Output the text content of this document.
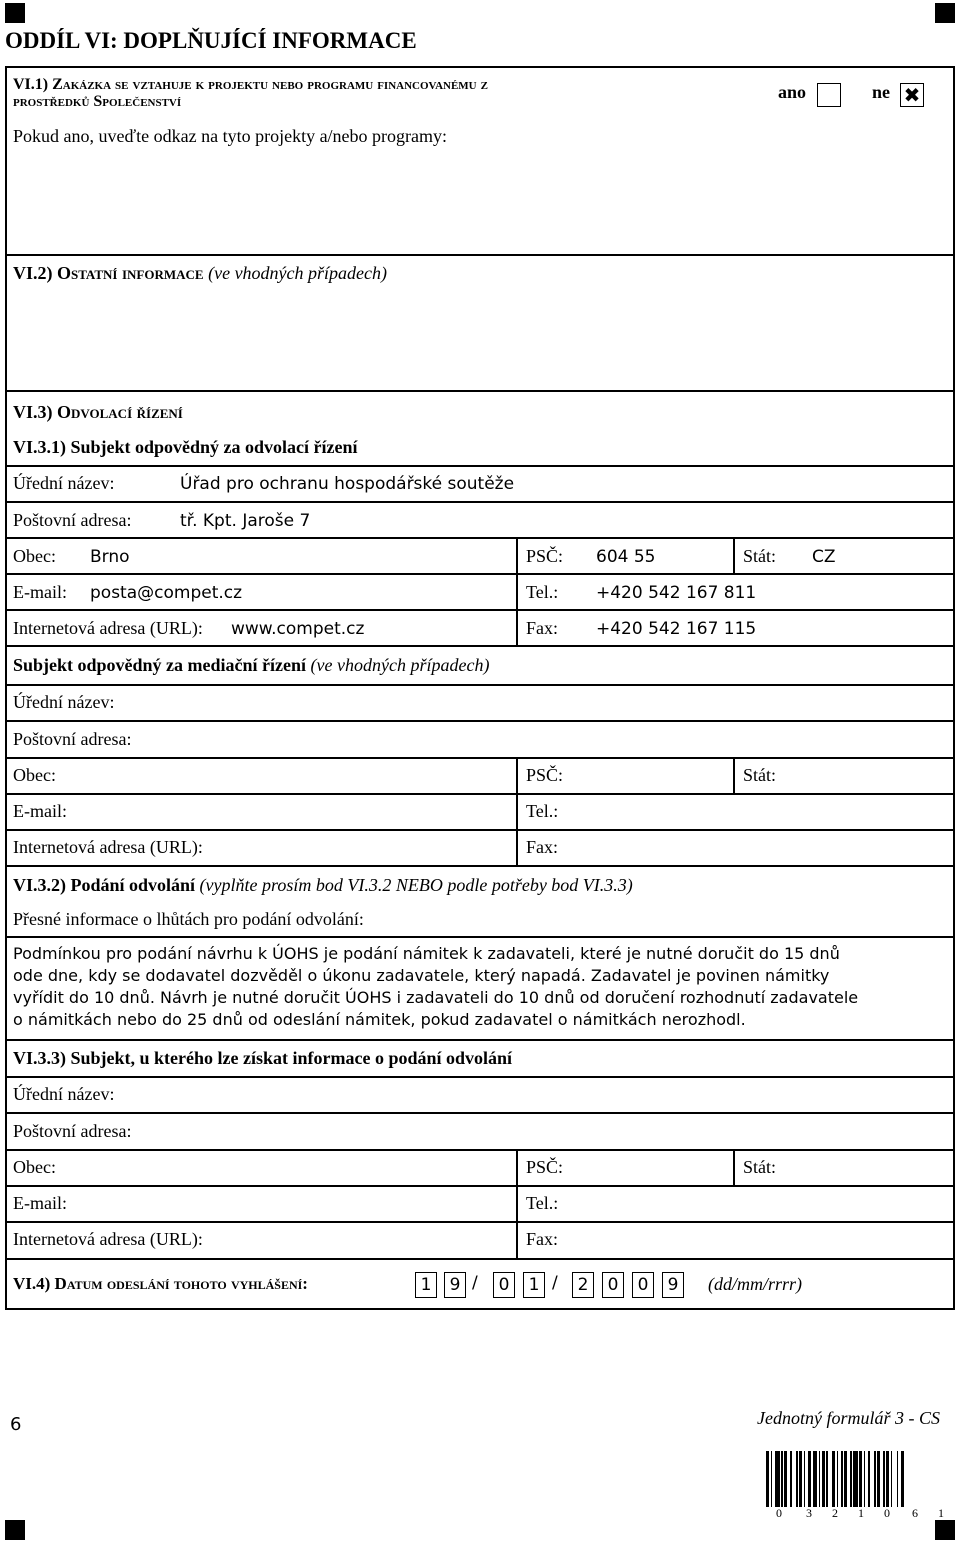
ODDÍL VI: DOPLŇUJÍCÍ INFORMACE
VI.1) Zakázka se vztahuje k projektu nebo programu financovanému z
prostředků Společenství	ano	ne ✖
Pokud ano, uveďte odkaz na tyto projekty a/nebo programy:
VI.2) Ostatní informace (ve vhodných případech)
VI.3) Odvolací řízení
VI.3.1) Subjekt odpovědný za odvolací řízení
Úřední název:	Úřad pro ochranu hospodářské soutěže
Poštovní adresa:	tř. Kpt. Jaroše 7
Obec: Brno	PSČ: 604 55	Stát: CZ
E-mail: posta@compet.cz	Tel.: +420 542 167 811
Internetová adresa (URL): www.compet.cz	Fax: +420 542 167 115
Subjekt odpovědný za mediační řízení (ve vhodných případech)
Úřední název:
Poštovní adresa:
Obec:	PSČ:	Stát:
E-mail:	Tel.:
Internetová adresa (URL):	Fax:
VI.3.2) Podání odvolání (vyplňte prosím bod VI.3.2 NEBO podle potřeby bod VI.3.3)
Přesné informace o lhůtách pro podání odvolání:
Podmínkou pro podání návrhu k ÚOHS je podání námitek k zadavateli, které je nutné doručit do 15 dnů
ode dne, kdy se dodavatel dozvěděl o úkonu zadavatele, který napadá. Zadavatel je povinen námitky
vyřídit do 10 dnů. Návrh je nutné doručit ÚOHS i zadavateli do 10 dnů od doručení rozhodnutí zadavatele
o námitkách nebo do 25 dnů od odeslání námitek, pokud zadavatel o námitkách nerozhodl.
VI.3.3) Subjekt, u kterého lze získat informace o podání odvolání
Úřední název:
Poštovní adresa:
Obec:	PSČ:	Stát:
E-mail:	Tel.:
Internetová adresa (URL):	Fax:
VI.4) Datum odeslání tohoto vyhlášení:	1	9 /	0	1 /	2	0	0	9	(dd/mm/rrrr)
6	Jednotný formulář 3 - CS
0 3 2 1 0 6 1
